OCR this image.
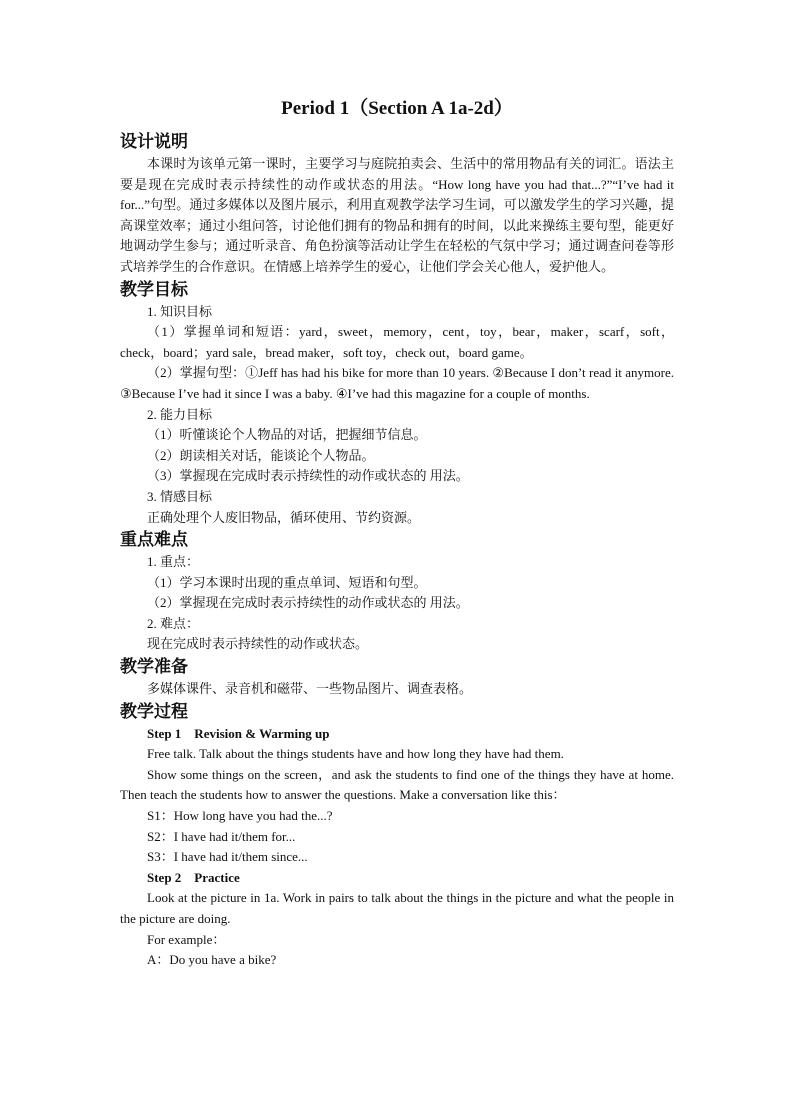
Period 1（Section A 1a-2d）
设计说明
本课时为该单元第一课时，主要学习与庭院拍卖会、生活中的常用物品有关的词汇。语法主要是现在完成时表示持续性的动作或状态的用法。“How long have you had that...?”“I’ve had it for...”句型。通过多媒体以及图片展示，利用直观教学法学习生词，可以激发学生的学习兴趣，提高课堂效率；通过小组问答，讨论他们拥有的物品和拥有的时间，以此来操练主要句型，能更好地调动学生参与；通过听录音、角色扮演等活动让学生在轻松的气氛中学习；通过调查问卷等形式培养学生的合作意识。在情感上培养学生的爱心，让他们学会关心他人，爱护他人。
教学目标
1. 知识目标
（1）掌握单词和短语：yard，sweet，memory，cent，toy，bear，maker，scarf，soft，check，board；yard sale，bread maker，soft toy，check out，board game。
（2）掌握句型：①Jeff has had his bike for more than 10 years. ②Because I don’t read it anymore. ③Because I’ve had it since I was a baby. ④I’ve had this magazine for a couple of months.
2. 能力目标
（1）听懂谈论个人物品的对话，把握细节信息。
（2）朗读相关对话，能谈论个人物品。
（3）掌握现在完成时表示持续性的动作或状态的 用法。
3. 情感目标
正确处理个人废旧物品，循环使用、节约资源。
重点难点
1. 重点：
（1）学习本课时出现的重点单词、短语和句型。
（2）掌握现在完成时表示持续性的动作或状态的 用法。
2. 难点：
现在完成时表示持续性的动作或状态。
教学准备
多媒体课件、录音机和磁带、一些物品图片、调查表格。
教学过程
Step 1　Revision & Warming up
Free talk. Talk about the things students have and how long they have had them.
Show some things on the screen，and ask the students to find one of the things they have at home. Then teach the students how to answer the questions. Make a conversation like this：
S1：How long have you had the...?
S2：I have had it/them for...
S3：I have had it/them since...
Step 2　Practice
Look at the picture in 1a. Work in pairs to talk about the things in the picture and what the people in the picture are doing.
For example：
A：Do you have a bike?
